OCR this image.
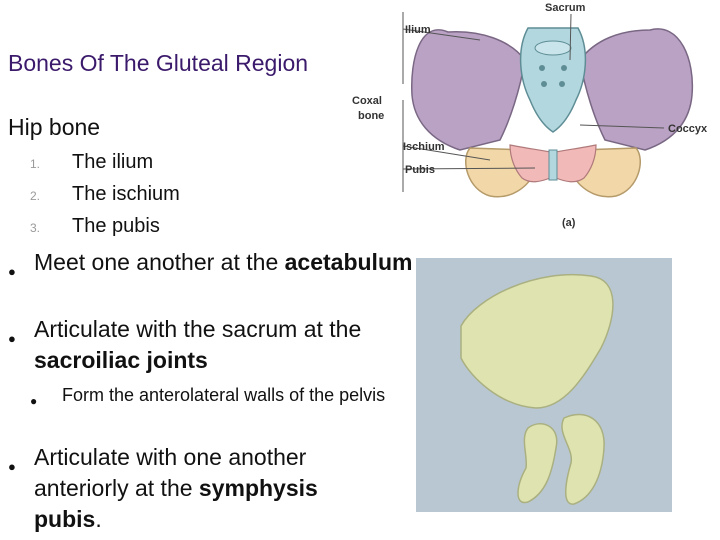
Bones Of The Gluteal Region
Hip bone
1. The ilium
2. The ischium
3. The pubis
● Meet one another at the acetabulum
● Articulate with the sacrum at the sacroiliac joints
● Form the anterolateral walls of the pelvis
● Articulate with one another anteriorly at the symphysis pubis.
Sacrum
Ilium
Coxal
bone
Ischium
Pubis
Coccyx
(a)
